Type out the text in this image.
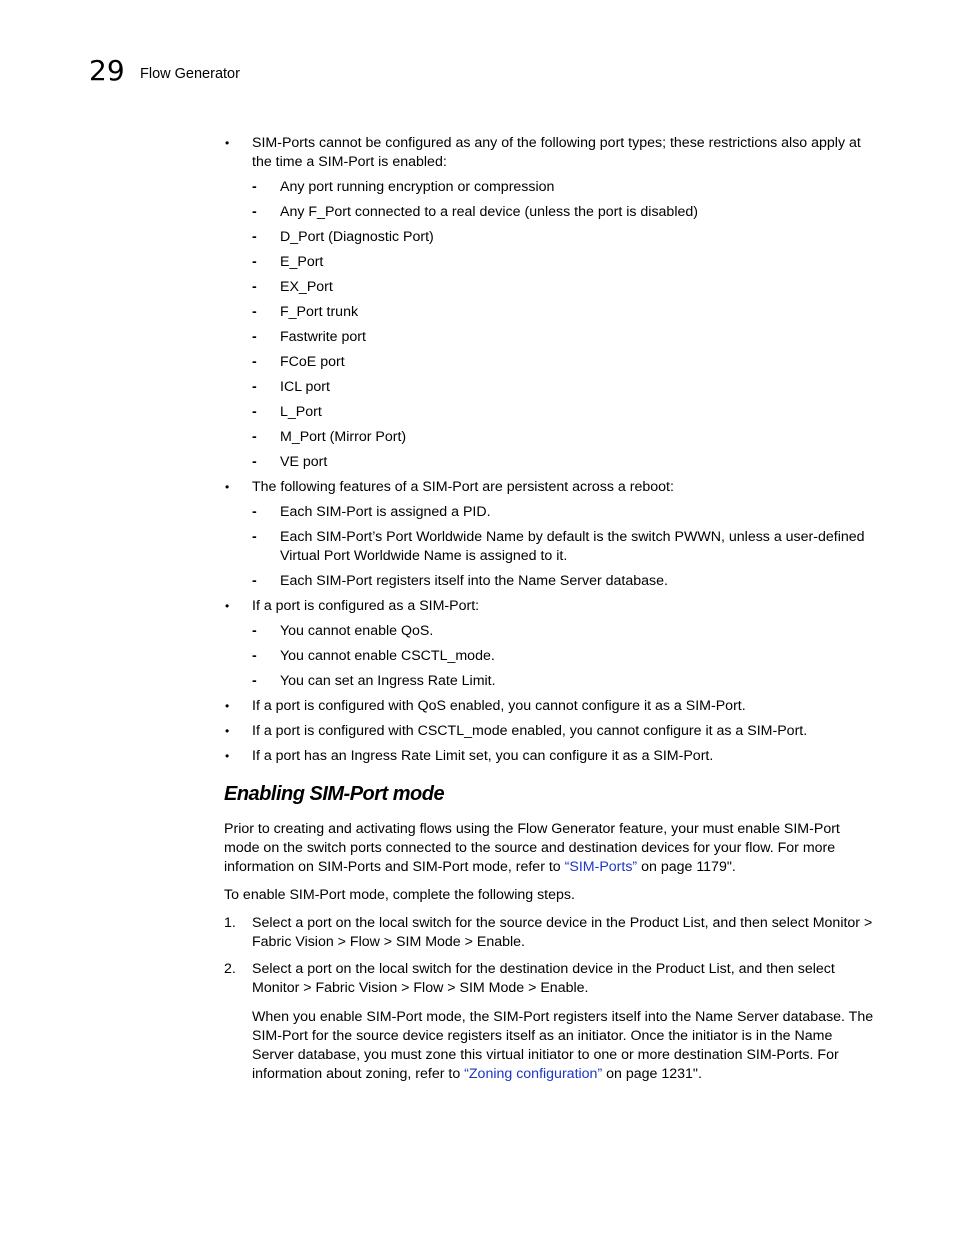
29 Flow Generator
• SIM-Ports cannot be configured as any of the following port types; these restrictions also apply at the time a SIM-Port is enabled:
- Any port running encryption or compression
- Any F_Port connected to a real device (unless the port is disabled)
- D_Port (Diagnostic Port)
- E_Port
- EX_Port
- F_Port trunk
- Fastwrite port
- FCoE port
- ICL port
- L_Port
- M_Port (Mirror Port)
- VE port
• The following features of a SIM-Port are persistent across a reboot:
- Each SIM-Port is assigned a PID.
- Each SIM-Port’s Port Worldwide Name by default is the switch PWWN, unless a user-defined Virtual Port Worldwide Name is assigned to it.
- Each SIM-Port registers itself into the Name Server database.
• If a port is configured as a SIM-Port:
- You cannot enable QoS.
- You cannot enable CSCTL_mode.
- You can set an Ingress Rate Limit.
• If a port is configured with QoS enabled, you cannot configure it as a SIM-Port.
• If a port is configured with CSCTL_mode enabled, you cannot configure it as a SIM-Port.
• If a port has an Ingress Rate Limit set, you can configure it as a SIM-Port.
Enabling SIM-Port mode

Prior to creating and activating flows using the Flow Generator feature, your must enable SIM-Port mode on the switch ports connected to the source and destination devices for your flow. For more information on SIM-Ports and SIM-Port mode, refer to “SIM-Ports” on page 1179".

To enable SIM-Port mode, complete the following steps.

1. Select a port on the local switch for the source device in the Product List, and then select Monitor > Fabric Vision > Flow > SIM Mode > Enable.
2. Select a port on the local switch for the destination device in the Product List, and then select Monitor > Fabric Vision > Flow > SIM Mode > Enable.

When you enable SIM-Port mode, the SIM-Port registers itself into the Name Server database. The SIM-Port for the source device registers itself as an initiator. Once the initiator is in the Name Server database, you must zone this virtual initiator to one or more destination SIM-Ports. For information about zoning, refer to “Zoning configuration” on page 1231".
